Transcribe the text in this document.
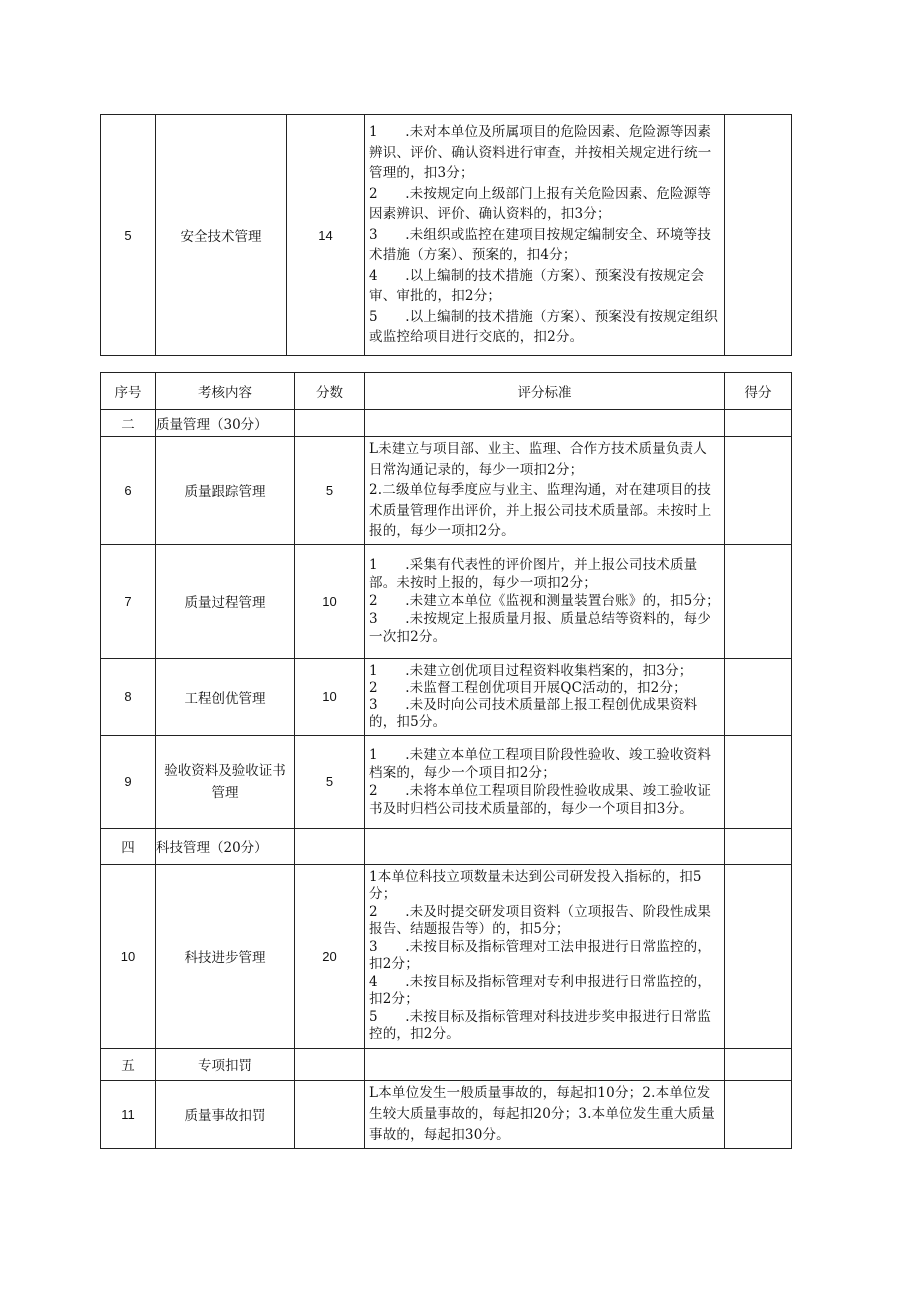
5	安全技术管理	14	
1　　.未对本单位及所属项目的危险因素、危险源等因素辨识、评价、确认资料进行审查，并按相关规定进行统一管理的，扣3分；
2　　.未按规定向上级部门上报有关危险因素、危险源等因素辨识、评价、确认资料的，扣3分；
3　　.未组织或监控在建项目按规定编制安全、环境等技术措施（方案）、预案的，扣4分；
4　　.以上编制的技术措施（方案）、预案没有按规定会审、审批的，扣2分；
5　　.以上编制的技术措施（方案）、预案没有按规定组织或监控给项目进行交底的，扣2分。

序号	考核内容	分数	评分标准	得分
二	质量管理（30分）			
6	质量跟踪管理	5	L未建立与项目部、业主、监理、合作方技术质量负责人日常沟通记录的，每少一项扣2分；
2.二级单位每季度应与业主、监理沟通，对在建项目的技术质量管理作出评价，并上报公司技术质量部。未按时上报的，每少一项扣2分。	

7	质量过程管理	10	1　　.采集有代表性的评价图片，并上报公司技术质量部。未按时上报的，每少一项扣2分；
2　　.未建立本单位《监视和测量装置台账》的，扣5分；
3　　.未按规定上报质量月报、质量总结等资料的，每少一次扣2分。	

8	工程创优管理	10	1　　.未建立创优项目过程资料收集档案的，扣3分；
2　　.未监督工程创优项目开展QC活动的，扣2分；
3　　.未及时向公司技术质量部上报工程创优成果资料的，扣5分。	

9	验收资料及验收证书管理	5	1　　.未建立本单位工程项目阶段性验收、竣工验收资料档案的，每少一个项目扣2分；
2　　.未将本单位工程项目阶段性验收成果、竣工验收证书及时归档公司技术质量部的，每少一个项目扣3分。	

四	科技管理（20分）			
10	科技进步管理	20	1本单位科技立项数量未达到公司研发投入指标的，扣5分；
2　　.未及时提交研发项目资料（立项报告、阶段性成果报告、结题报告等）的，扣5分；
3　　.未按目标及指标管理对工法申报进行日常监控的，扣2分；
4　　.未按目标及指标管理对专利申报进行日常监控的，扣2分；
5　　.未按目标及指标管理对科技进步奖申报进行日常监控的，扣2分。	

五	专项扣罚			
11	质量事故扣罚		L本单位发生一般质量事故的，每起扣10分；2.本单位发生较大质量事故的，每起扣20分；3.本单位发生重大质量事故的，每起扣30分。	
